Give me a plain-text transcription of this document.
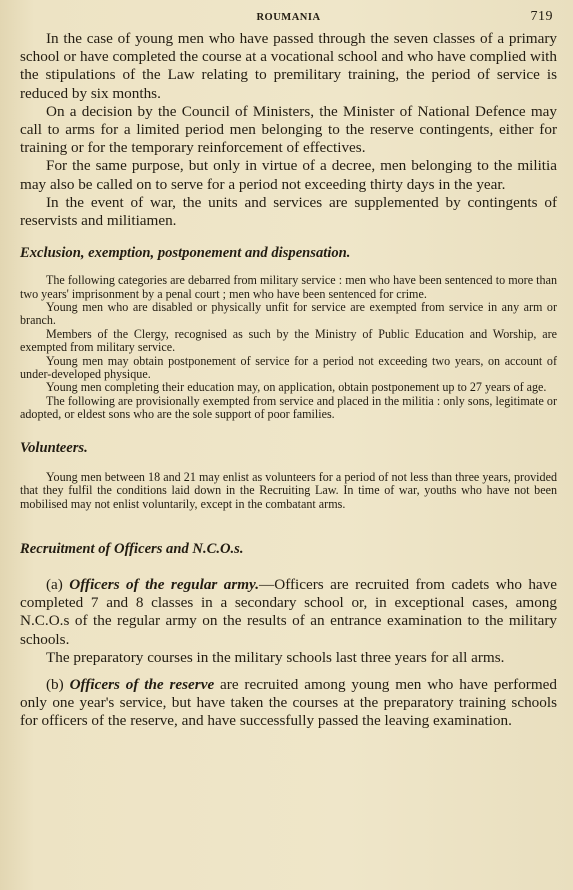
ROUMANIA	719

In the case of young men who have passed through the seven classes of a primary school or have completed the course at a vocational school and who have complied with the stipulations of the Law relating to premilitary training, the period of service is reduced by six months.

On a decision by the Council of Ministers, the Minister of National Defence may call to arms for a limited period men belonging to the reserve contingents, either for training or for the temporary reinforcement of effectives.

For the same purpose, but only in virtue of a decree, men belonging to the militia may also be called on to serve for a period not exceeding thirty days in the year.

In the event of war, the units and services are supplemented by contingents of reservists and militiamen.

Exclusion, exemption, postponement and dispensation.

The following categories are debarred from military service : men who have been sentenced to more than two years' imprisonment by a penal court ; men who have been sentenced for crime.

Young men who are disabled or physically unfit for service are exempted from service in any arm or branch.

Members of the Clergy, recognised as such by the Ministry of Public Education and Worship, are exempted from military service.

Young men may obtain postponement of service for a period not exceeding two years, on account of under-developed physique.

Young men completing their education may, on application, obtain postponement up to 27 years of age.

The following are provisionally exempted from service and placed in the militia : only sons, legitimate or adopted, or eldest sons who are the sole support of poor families.

Volunteers.

Young men between 18 and 21 may enlist as volunteers for a period of not less than three years, provided that they fulfil the conditions laid down in the Recruiting Law. In time of war, youths who have not been mobilised may not enlist voluntarily, except in the combatant arms.

Recruitment of Officers and N.C.O.s.

(a) Officers of the regular army.—Officers are recruited from cadets who have completed 7 and 8 classes in a secondary school or, in exceptional cases, among N.C.O.s of the regular army on the results of an entrance examination to the military schools.

The preparatory courses in the military schools last three years for all arms.

(b) Officers of the reserve are recruited among young men who have performed only one year's service, but have taken the courses at the preparatory training schools for officers of the reserve, and have successfully passed the leaving examination.
